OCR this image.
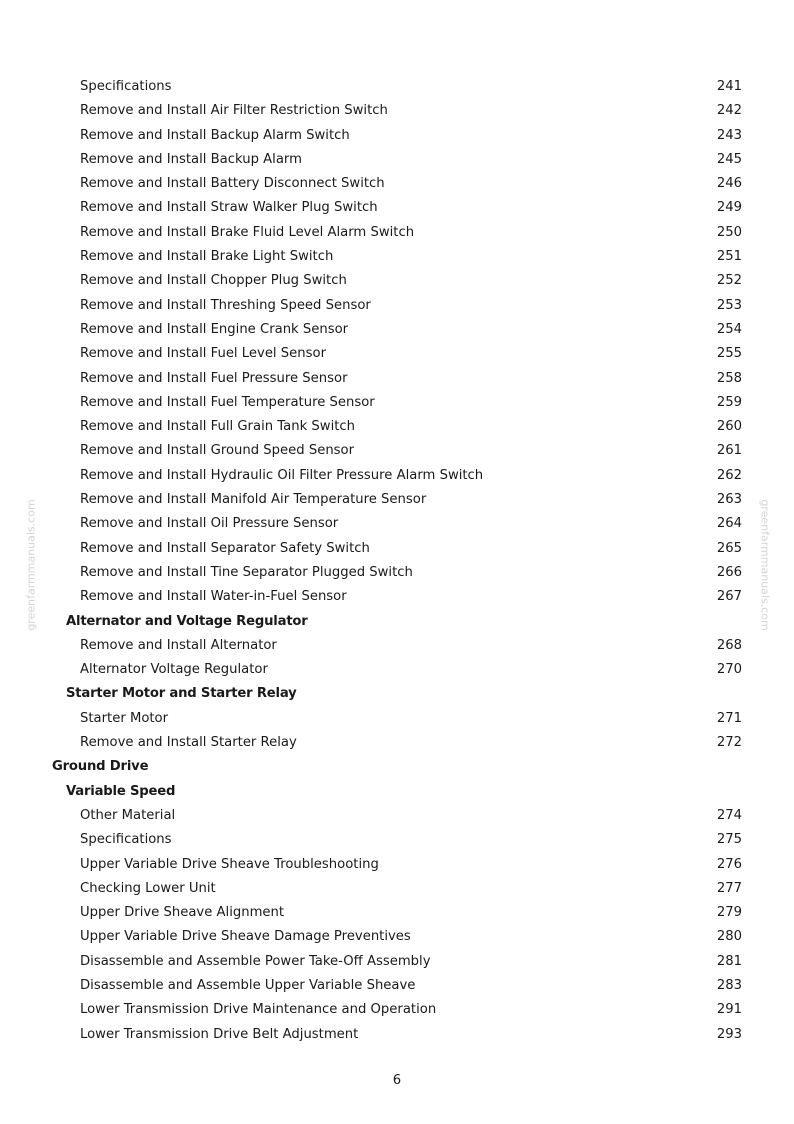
greenfarmmanuals.com	greenfarmmanuals.com
Specifications	241
Remove and Install Air Filter Restriction Switch	242
Remove and Install Backup Alarm Switch	243
Remove and Install Backup Alarm	245
Remove and Install Battery Disconnect Switch	246
Remove and Install Straw Walker Plug Switch	249
Remove and Install Brake Fluid Level Alarm Switch	250
Remove and Install Brake Light Switch	251
Remove and Install Chopper Plug Switch	252
Remove and Install Threshing Speed Sensor	253
Remove and Install Engine Crank Sensor	254
Remove and Install Fuel Level Sensor	255
Remove and Install Fuel Pressure Sensor	258
Remove and Install Fuel Temperature Sensor	259
Remove and Install Full Grain Tank Switch	260
Remove and Install Ground Speed Sensor	261
Remove and Install Hydraulic Oil Filter Pressure Alarm Switch	262
Remove and Install Manifold Air Temperature Sensor	263
Remove and Install Oil Pressure Sensor	264
Remove and Install Separator Safety Switch	265
Remove and Install Tine Separator Plugged Switch	266
Remove and Install Water-in-Fuel Sensor	267
Alternator and Voltage Regulator
Remove and Install Alternator	268
Alternator Voltage Regulator	270
Starter Motor and Starter Relay
Starter Motor	271
Remove and Install Starter Relay	272
Ground Drive
Variable Speed
Other Material	274
Specifications	275
Upper Variable Drive Sheave Troubleshooting	276
Checking Lower Unit	277
Upper Drive Sheave Alignment	279
Upper Variable Drive Sheave Damage Preventives	280
Disassemble and Assemble Power Take-Off Assembly	281
Disassemble and Assemble Upper Variable Sheave	283
Lower Transmission Drive Maintenance and Operation	291
Lower Transmission Drive Belt Adjustment	293
6
